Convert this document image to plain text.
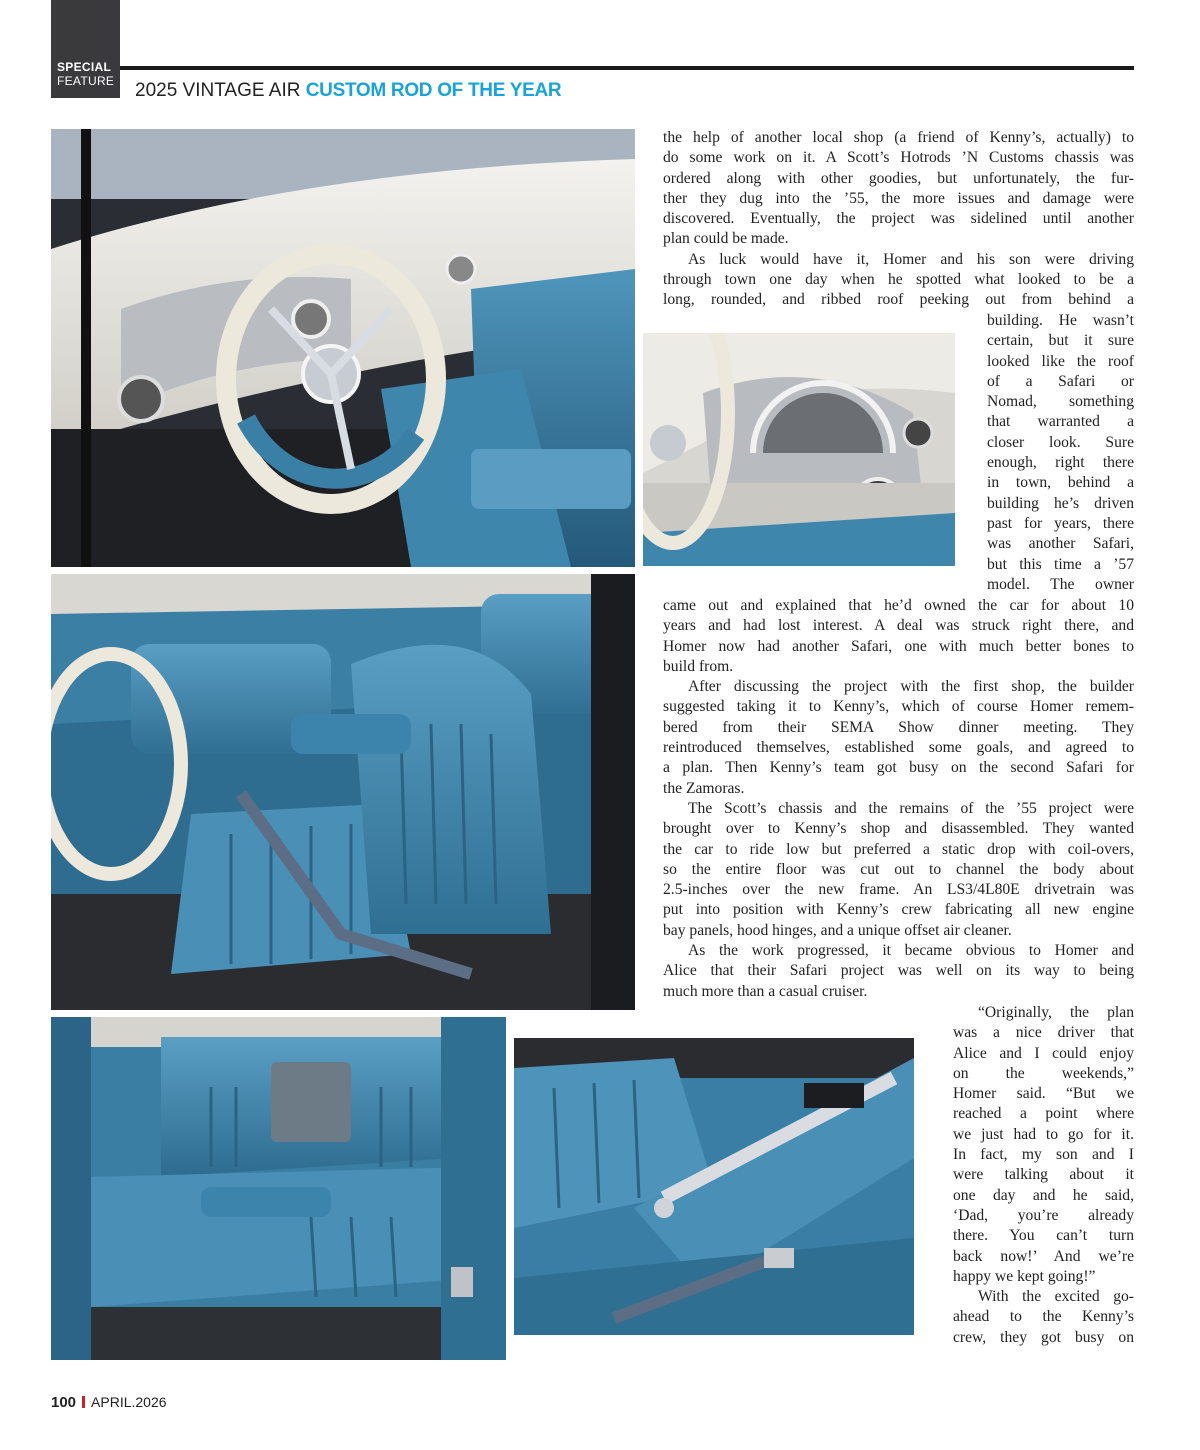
SPECIAL
FEATURE	2025 VINTAGE AIR CUSTOM ROD OF THE YEAR
the help of another local shop (a friend of Kenny’s, actually) to
do some work on it. A Scott’s Hotrods ’N Customs chassis was
ordered along with other goodies, but unfortunately, the fur-
ther they dug into the ’55, the more issues and damage were
discovered. Eventually, the project was sidelined until another
plan could be made.
As luck would have it, Homer and his son were driving
through town one day when he spotted what looked to be a
long, rounded, and ribbed roof peeking out from behind a
building. He wasn’t
certain, but it sure
looked like the roof
of a Safari or
Nomad, something
that warranted a
closer look. Sure
enough, right there
in town, behind a
building he’s driven
past for years, there
was another Safari,
but this time a ’57
model. The owner
came out and explained that he’d owned the car for about 10
years and had lost interest. A deal was struck right there, and
Homer now had another Safari, one with much better bones to
build from.
After discussing the project with the first shop, the builder
suggested taking it to Kenny’s, which of course Homer remem-
bered from their SEMA Show dinner meeting. They
reintroduced themselves, established some goals, and agreed to
a plan. Then Kenny’s team got busy on the second Safari for
the Zamoras.
The Scott’s chassis and the remains of the ’55 project were
brought over to Kenny’s shop and disassembled. They wanted
the car to ride low but preferred a static drop with coil-overs,
so the entire floor was cut out to channel the body about
2.5-inches over the new frame. An LS3/4L80E drivetrain was
put into position with Kenny’s crew fabricating all new engine
bay panels, hood hinges, and a unique offset air cleaner.
As the work progressed, it became obvious to Homer and
Alice that their Safari project was well on its way to being
much more than a casual cruiser.
“Originally, the plan
was a nice driver that
Alice and I could enjoy
on the weekends,”
Homer said. “But we
reached a point where
we just had to go for it.
In fact, my son and I
were talking about it
one day and he said,
‘Dad, you’re already
there. You can’t turn
back now!’ And we’re
happy we kept going!”
With the excited go-
ahead to the Kenny’s
crew, they got busy on
100 APRIL.2026
